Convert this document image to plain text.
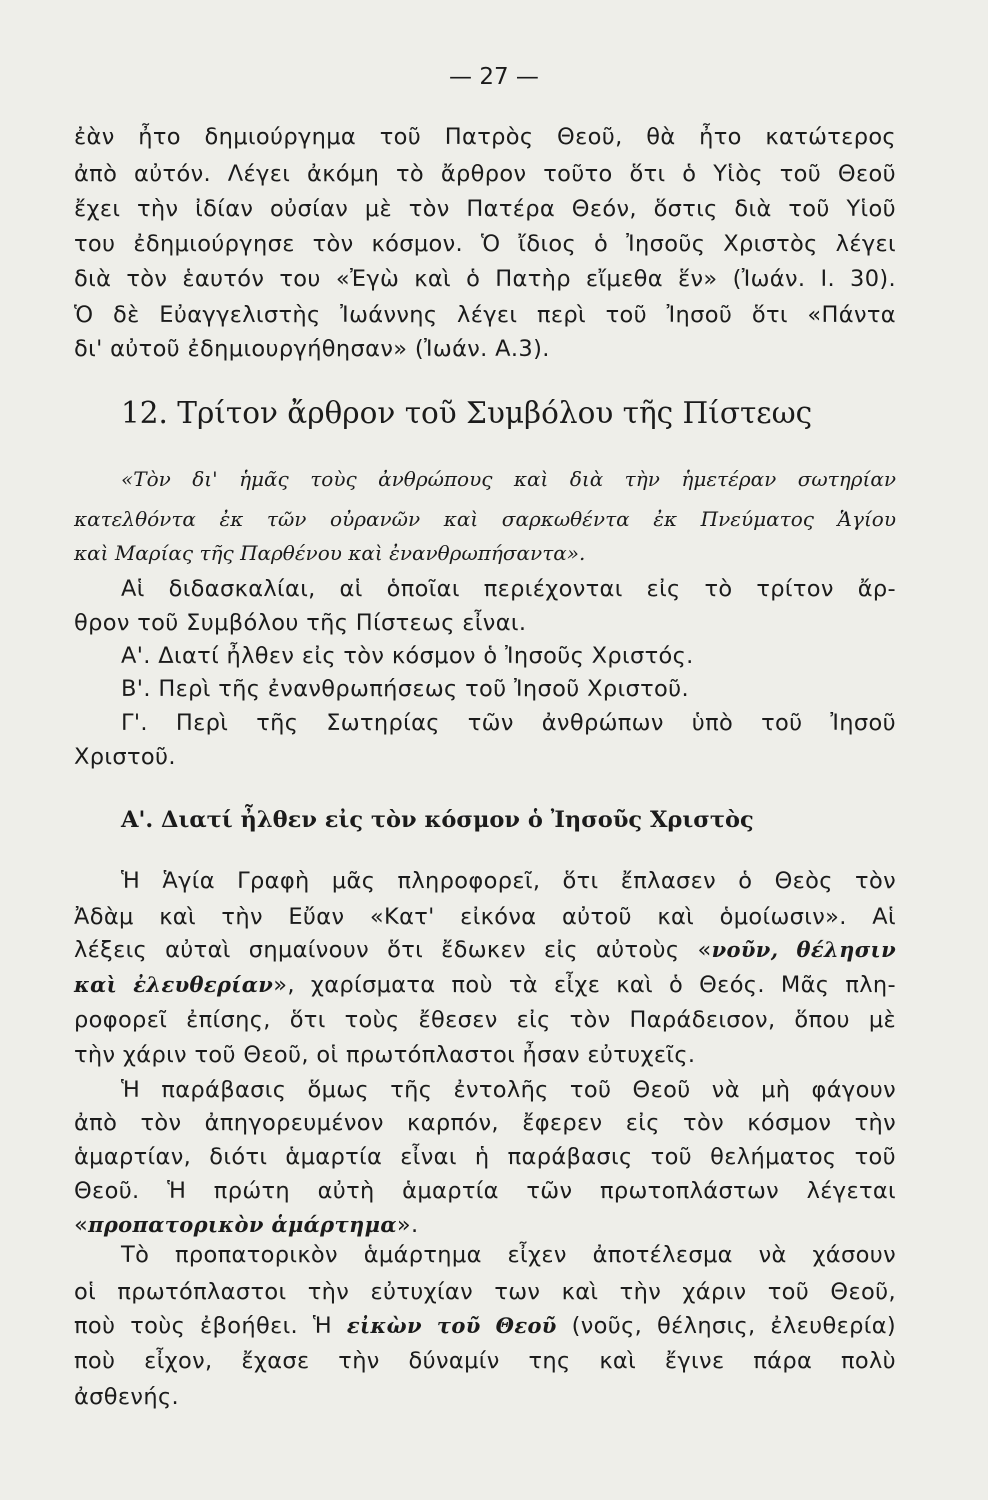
— 27 —
ἐὰν ἦτο δημιούργημα τοῦ Πατρὸς Θεοῦ, θὰ ἦτο κατώτερος
ἀπὸ αὐτόν. Λέγει ἀκόμη τὸ ἄρθρον τοῦτο ὅτι ὁ Υἱὸς τοῦ Θεοῦ
ἔχει τὴν ἰδίαν οὐσίαν μὲ τὸν Πατέρα Θεόν, ὅστις διὰ τοῦ Υἱοῦ
του ἐδημιούργησε τὸν κόσμον. Ὁ ἴδιος ὁ Ἰησοῦς Χριστὸς λέγει
διὰ τὸν ἑαυτόν του «Ἐγὼ καὶ ὁ Πατὴρ εἴμεθα ἕν» (Ἰωάν. Ι. 30).
Ὁ δὲ Εὐαγγελιστὴς Ἰωάννης λέγει περὶ τοῦ Ἰησοῦ ὅτι «Πάντα
δι' αὐτοῦ ἐδημιουργήθησαν» (Ἰωάν. Α.3).
12. Τρίτον ἄρθρον τοῦ Συμβόλου τῆς Πίστεως
«Τὸν δι' ἡμᾶς τοὺς ἀνθρώπους καὶ διὰ τὴν ἡμετέραν σωτηρίαν
κατελθόντα ἐκ τῶν οὐρανῶν καὶ σαρκωθέντα ἐκ Πνεύματος Ἁγίου
καὶ Μαρίας τῆς Παρθένου καὶ ἐνανθρωπήσαντα».
Αἱ διδασκαλίαι, αἱ ὁποῖαι περιέχονται εἰς τὸ τρίτον ἄρ-
θρον τοῦ Συμβόλου τῆς Πίστεως εἶναι.
Α'. Διατί ἦλθεν εἰς τὸν κόσμον ὁ Ἰησοῦς Χριστός.
Β'. Περὶ τῆς ἐνανθρωπήσεως τοῦ Ἰησοῦ Χριστοῦ.
Γ'. Περὶ τῆς Σωτηρίας τῶν ἀνθρώπων ὑπὸ τοῦ Ἰησοῦ
Χριστοῦ.
Α'. Διατί ἦλθεν εἰς τὸν κόσμον ὁ Ἰησοῦς Χριστὸς
Ἡ Ἁγία Γραφὴ μᾶς πληροφορεῖ, ὅτι ἔπλασεν ὁ Θεὸς τὸν
Ἀδὰμ καὶ τὴν Εὔαν «Κατ' εἰκόνα αὐτοῦ καὶ ὁμοίωσιν». Αἱ
λέξεις αὐταὶ σημαίνουν ὅτι ἔδωκεν εἰς αὐτοὺς «νοῦν, θέλησιν
καὶ ἐλευθερίαν», χαρίσματα ποὺ τὰ εἶχε καὶ ὁ Θεός. Μᾶς πλη-
ροφορεῖ ἐπίσης, ὅτι τοὺς ἔθεσεν εἰς τὸν Παράδεισον, ὅπου μὲ
τὴν χάριν τοῦ Θεοῦ, οἱ πρωτόπλαστοι ἦσαν εὐτυχεῖς.
Ἡ παράβασις ὅμως τῆς ἐντολῆς τοῦ Θεοῦ νὰ μὴ φάγουν
ἀπὸ τὸν ἀπηγορευμένον καρπόν, ἔφερεν εἰς τὸν κόσμον τὴν
ἁμαρτίαν, διότι ἁμαρτία εἶναι ἡ παράβασις τοῦ θελήματος τοῦ
Θεοῦ. Ἡ πρώτη αὐτὴ ἁμαρτία τῶν πρωτοπλάστων λέγεται
«προπατορικὸν ἁμάρτημα».
Τὸ προπατορικὸν ἁμάρτημα εἶχεν ἀποτέλεσμα νὰ χάσουν
οἱ πρωτόπλαστοι τὴν εὐτυχίαν των καὶ τὴν χάριν τοῦ Θεοῦ,
ποὺ τοὺς ἐβοήθει. Ἡ εἰκὼν τοῦ Θεοῦ (νοῦς, θέλησις, ἐλευθερία)
ποὺ εἶχον, ἔχασε τὴν δύναμίν της καὶ ἔγινε πάρα πολὺ
ἀσθενής.
